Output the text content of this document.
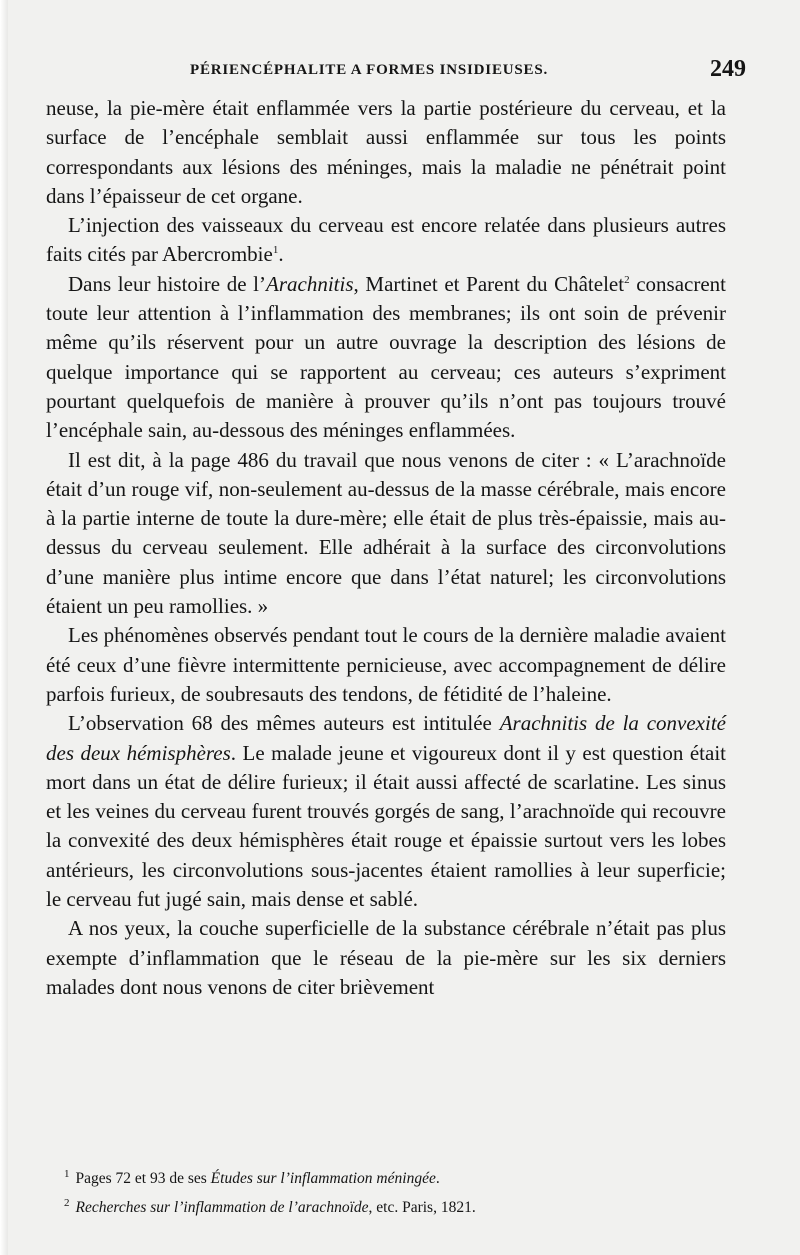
PÉRIENCÉPHALITE A FORMES INSIDIEUSES.	249

neuse, la pie-mère était enflammée vers la partie postérieure du cerveau, et la surface de l’encéphale semblait aussi enflammée sur tous les points correspondants aux lésions des méninges, mais la maladie ne pénétrait point dans l’épaisseur de cet organe.

L’injection des vaisseaux du cerveau est encore relatée dans plusieurs autres faits cités par Abercrombie$^1$.

Dans leur histoire de l’Arachnitis, Martinet et Parent du Châtelet$^2$ consacrent toute leur attention à l’inflammation des membranes; ils ont soin de prévenir même qu’ils réservent pour un autre ouvrage la description des lésions de quelque importance qui se rapportent au cerveau; ces auteurs s’expriment pourtant quelquefois de manière à prouver qu’ils n’ont pas toujours trouvé l’encéphale sain, au-dessous des méninges enflammées.

Il est dit, à la page 486 du travail que nous venons de citer : « L’arachnoïde était d’un rouge vif, non-seulement au-dessus de la masse cérébrale, mais encore à la partie interne de toute la dure-mère; elle était de plus très-épaissie, mais au-dessus du cerveau seulement. Elle adhérait à la surface des circonvolutions d’une manière plus intime encore que dans l’état naturel; les circonvolutions étaient un peu ramollies. »

Les phénomènes observés pendant tout le cours de la dernière maladie avaient été ceux d’une fièvre intermittente pernicieuse, avec accompagnement de délire parfois furieux, de soubresauts des tendons, de fétidité de l’haleine.

L’observation 68 des mêmes auteurs est intitulée Arachnitis de la convexité des deux hémisphères. Le malade jeune et vigoureux dont il y est question était mort dans un état de délire furieux; il était aussi affecté de scarlatine. Les sinus et les veines du cerveau furent trouvés gorgés de sang, l’arachnoïde qui recouvre la convexité des deux hémisphères était rouge et épaissie surtout vers les lobes antérieurs, les circonvolutions sous-jacentes étaient ramollies à leur superficie; le cerveau fut jugé sain, mais dense et sablé.

A nos yeux, la couche superficielle de la substance cérébrale n’était pas plus exempte d’inflammation que le réseau de la pie-mère sur les six derniers malades dont nous venons de citer brièvement

$^1$ Pages 72 et 93 de ses Études sur l’inflammation méningée.

$^2$ Recherches sur l’inflammation de l’arachnoïde, etc. Paris, 1821.
